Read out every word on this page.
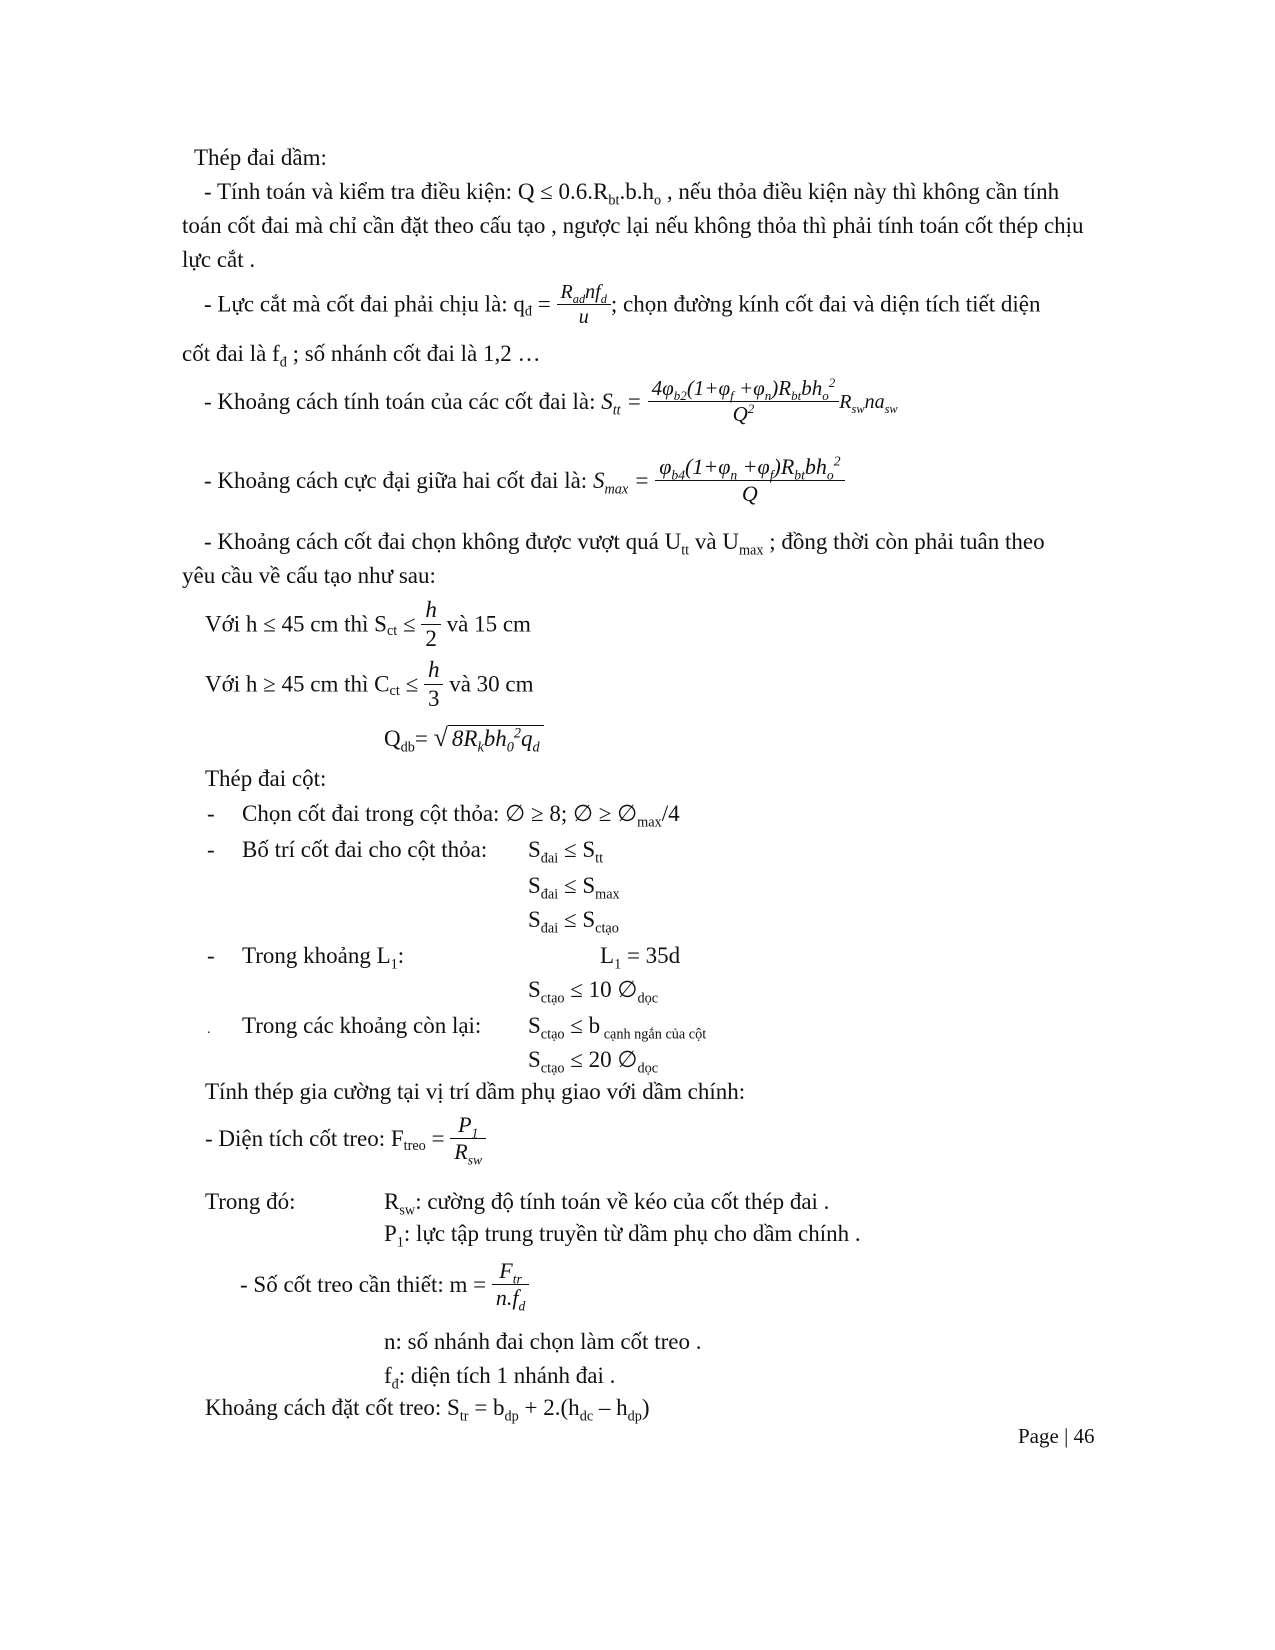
Thép đai dầm:
- Tính toán và kiểm tra điều kiện: $Q \le 0.6.R_{bt}.b.h_o$ , nếu thỏa điều kiện này thì không cần tính
toán cốt đai mà chỉ cần đặt theo cấu tạo , ngược lại nếu không thỏa thì phải tính toán cốt thép chịu
lực cắt .
- Lực cắt mà cốt đai phải chịu là: $q_đ = \frac{R_{ad}nf_d}{u}$ ; chọn đường kính cốt đai và diện tích tiết diện
cốt đai là $f_đ$ ; số nhánh cốt đai là 1,2 …
- Khoảng cách tính toán của các cốt đai là: $S_{tt} = \frac{4\varphi_{b2}(1+\varphi_f +\varphi_n)R_{bt}bh_o^2}{Q^2} R_{sw}na_{sw}$
- Khoảng cách cực đại giữa hai cốt đai là: $S_{max} = \frac{\varphi_{b4}(1+\varphi_n +\varphi_f)R_{bt}bh_o^2}{Q}$
- Khoảng cách cốt đai chọn không được vượt quá $U_{tt}$ và $U_{max}$ ; đồng thời còn phải tuân theo
yêu cầu về cấu tạo như sau:
Với h ≤ 45 cm thì $S_{ct} \le \frac{h}{2}$ và 15 cm
Với h ≥ 45 cm thì $C_{ct} \le \frac{h}{3}$ và 30 cm
$Q_{db}=$ √ $8R_kbh_0^2q_d$
Thép đai cột:
- Chọn cốt đai trong cột thỏa: ∅ ≥ 8; ∅ ≥ $\emptyset_{max}/4$
- Bố trí cốt đai cho cột thỏa: $S_{đai} \le S_{tt}$
$S_{đai} \le S_{max}$
$S_{đai} \le S_{ctạo}$
- Trong khoảng $L_1$:	$L_1 = 35d$
$S_{ctạo} \le 10$ $\emptyset_{dọc}$
. Trong các khoảng còn lại: $S_{ctạo} \le b$ $_{cạnh ngắn của cột}$
$S_{ctạo} \le 20$ $\emptyset_{dọc}$
Tính thép gia cường tại vị trí dầm phụ giao với dầm chính:
- Diện tích cốt treo: $F_{treo} = \frac{P_1}{R_{sw}}$
Trong đó:	$R_{sw}$: cường độ tính toán về kéo của cốt thép đai .
$P_1$: lực tập trung truyền từ dầm phụ cho dầm chính .
- Số cốt treo cần thiết: $m = \frac{F_{tr}}{n.f_d}$
n: số nhánh đai chọn làm cốt treo .
$f_đ$: diện tích 1 nhánh đai .
Khoảng cách đặt cốt treo: $S_{tr} = b_{dp} + 2.(h_{dc} - h_{dp})$
Page | 46
